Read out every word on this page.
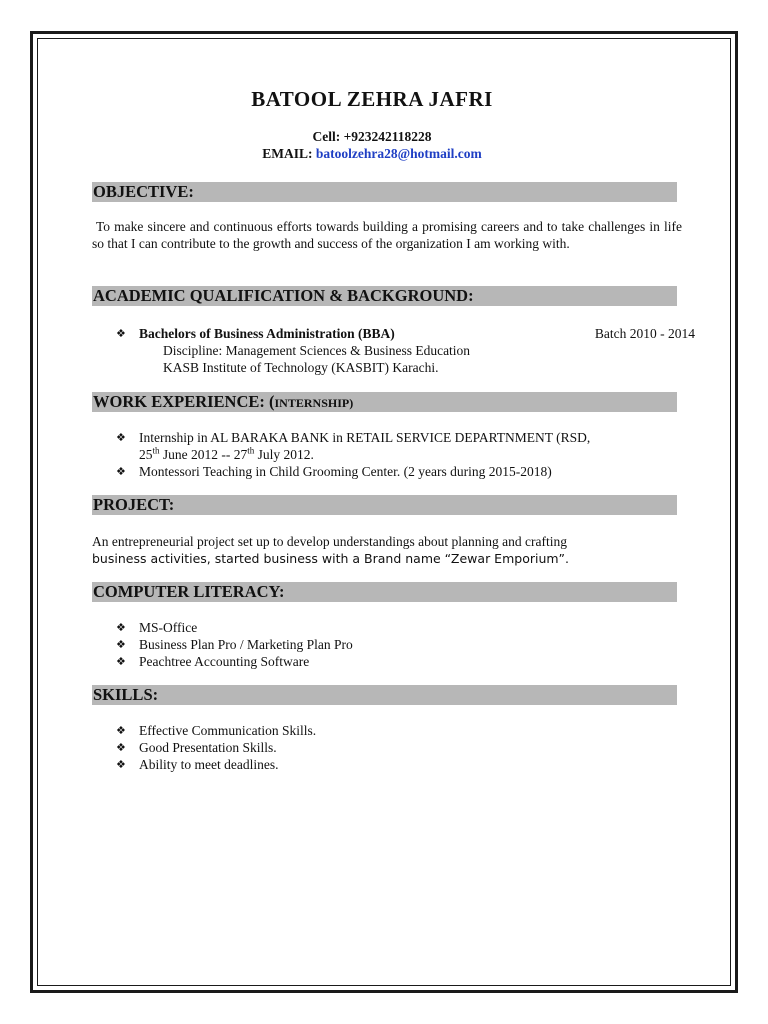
BATOOL ZEHRA JAFRI
Cell: +923242118228
EMAIL: batoolzehra28@hotmail.com
OBJECTIVE:
To make sincere and continuous efforts towards building a promising careers and to take challenges in life so that I can contribute to the growth and success of the organization I am working with.
ACADEMIC QUALIFICATION & BACKGROUND:
❖ Bachelors of Business Administration (BBA)	Batch 2010 - 2014
Discipline: Management Sciences & Business Education
KASB Institute of Technology (KASBIT) Karachi.
WORK EXPERIENCE: (INTERNSHIP)
❖ Internship in AL BARAKA BANK in RETAIL SERVICE DEPARTNMENT (RSD,
25th June 2012 -- 27th July 2012.
❖ Montessori Teaching in Child Grooming Center. (2 years during 2015-2018)
PROJECT:
An entrepreneurial project set up to develop understandings about planning and crafting
business activities, started business with a Brand name “Zewar Emporium”.
COMPUTER LITERACY:
❖ MS-Office
❖ Business Plan Pro / Marketing Plan Pro
❖ Peachtree Accounting Software
SKILLS:
❖ Effective Communication Skills.
❖ Good Presentation Skills.
❖ Ability to meet deadlines.
